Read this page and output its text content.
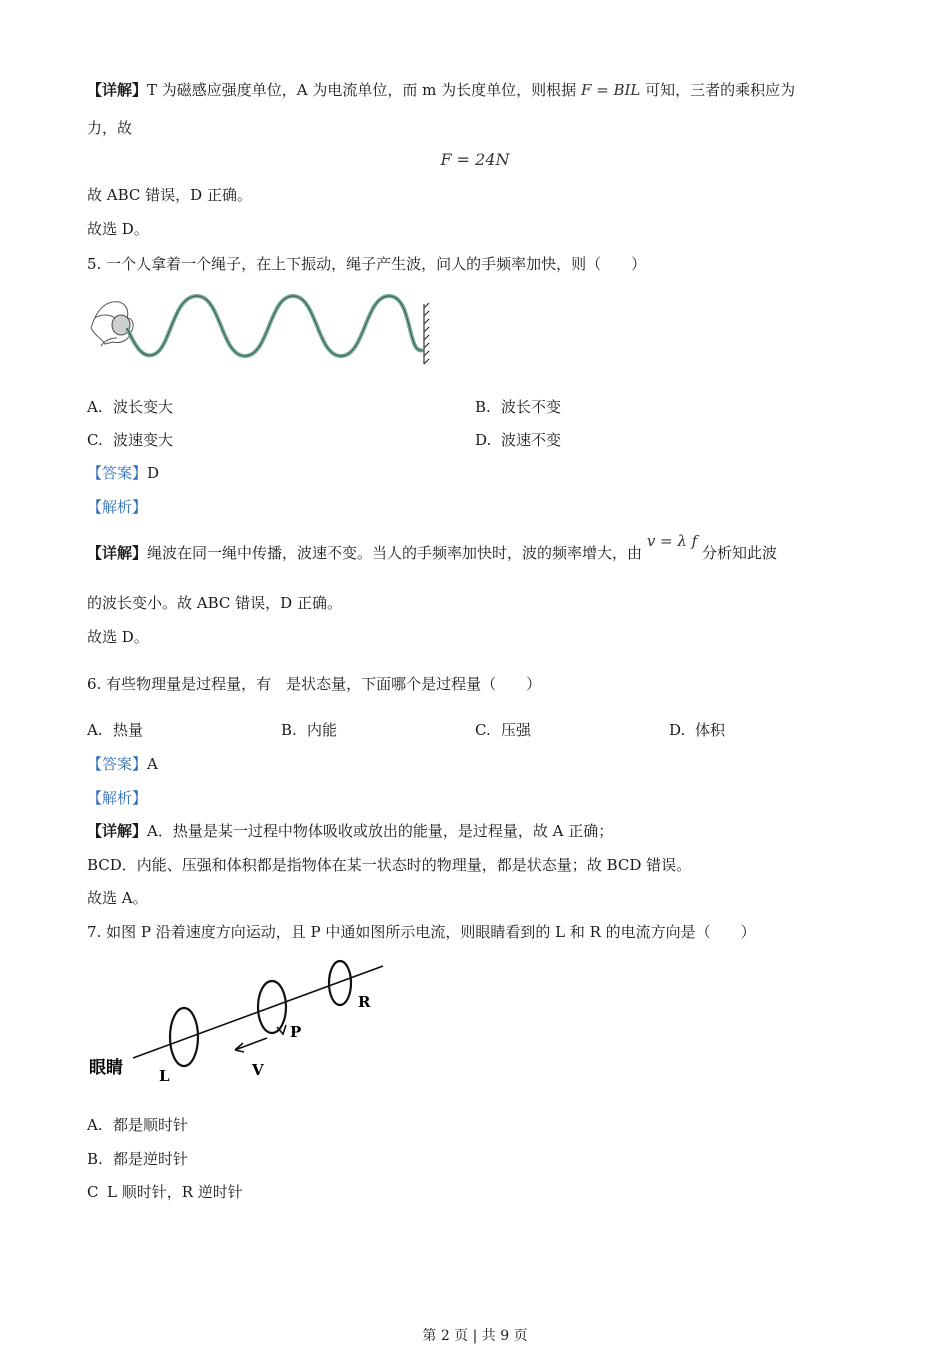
【详解】T 为磁感应强度单位，A 为电流单位，而 m 为长度单位，则根据 F = BIL 可知，三者的乘积应为
力，故
F = 24N
故 ABC 错误，D 正确。
故选 D。
5. 一个人拿着一个绳子，在上下振动，绳子产生波，问人的手频率加快，则（　　）
A. 波长变大	B. 波长不变
C. 波速变大	D. 波速不变
【答案】D
【解析】
【详解】绳波在同一绳中传播，波速不变。当人的手频率加快时，波的频率增大，由 v = λ f 分析知此波
的波长变小。故 ABC 错误，D 正确。
故选 D。
6. 有些物理量是过程量，有　是状态量，下面哪个是过程量（　　）
A. 热量	B. 内能	C. 压强	D. 体积
【答案】A
【解析】
【详解】A．热量是某一过程中物体吸收或放出的能量，是过程量，故 A 正确；
BCD．内能、压强和体积都是指物体在某一状态时的物理量，都是状态量；故 BCD 错误。
故选 A。
7. 如图 P 沿着速度方向运动，且 P 中通如图所示电流，则眼睛看到的 L 和 R 的电流方向是（　　）
眼睛 L
P
R
V
A. 都是顺时针
B. 都是逆时针
C L 顺时针，R 逆时针
第 2 页 | 共 9 页
